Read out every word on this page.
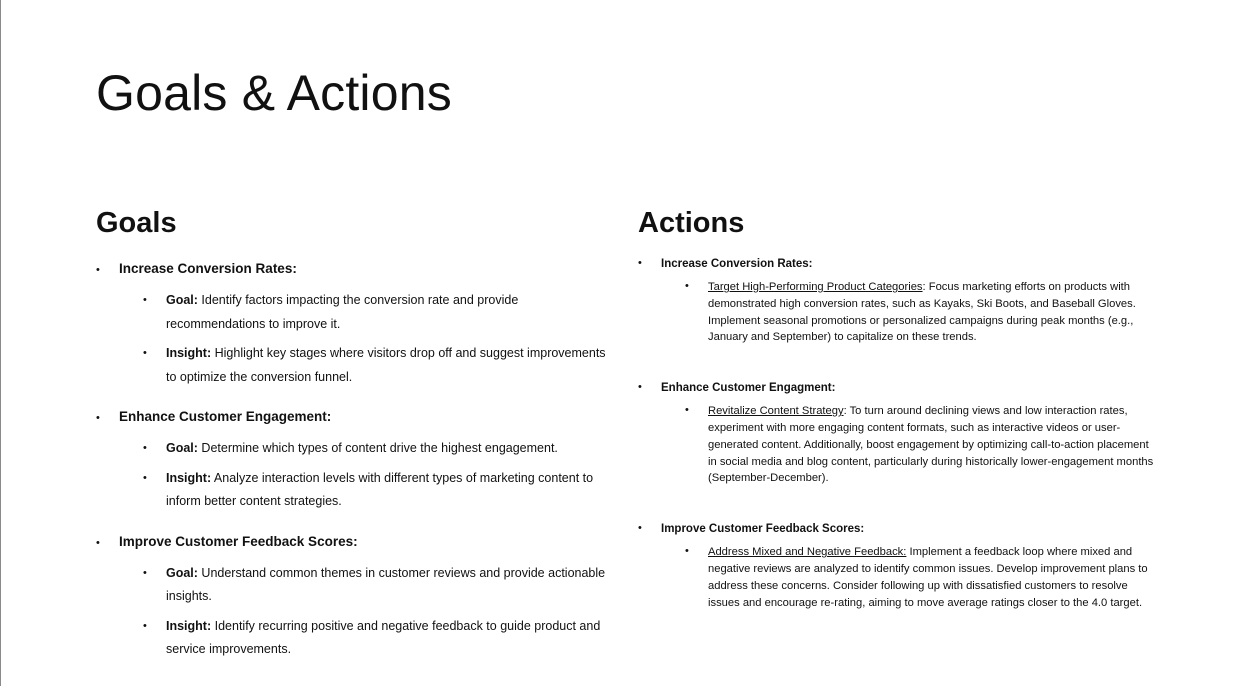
Goals & Actions
Goals
• Increase Conversion Rates:
• Goal: Identify factors impacting the conversion rate and provide recommendations to improve it.
• Insight: Highlight key stages where visitors drop off and suggest improvements to optimize the conversion funnel.
• Enhance Customer Engagement:
• Goal: Determine which types of content drive the highest engagement.
• Insight: Analyze interaction levels with different types of marketing content to inform better content strategies.
• Improve Customer Feedback Scores:
• Goal: Understand common themes in customer reviews and provide actionable insights.
• Insight: Identify recurring positive and negative feedback to guide product and service improvements.
Actions
• Increase Conversion Rates:
• Target High-Performing Product Categories: Focus marketing efforts on products with demonstrated high conversion rates, such as Kayaks, Ski Boots, and Baseball Gloves. Implement seasonal promotions or personalized campaigns during peak months (e.g., January and September) to capitalize on these trends.
• Enhance Customer Engagment:
• Revitalize Content Strategy: To turn around declining views and low interaction rates, experiment with more engaging content formats, such as interactive videos or user-generated content. Additionally, boost engagement by optimizing call-to-action placement in social media and blog content, particularly during historically lower-engagement months (September-December).
• Improve Customer Feedback Scores:
• Address Mixed and Negative Feedback: Implement a feedback loop where mixed and negative reviews are analyzed to identify common issues. Develop improvement plans to address these concerns. Consider following up with dissatisfied customers to resolve issues and encourage re-rating, aiming to move average ratings closer to the 4.0 target.
